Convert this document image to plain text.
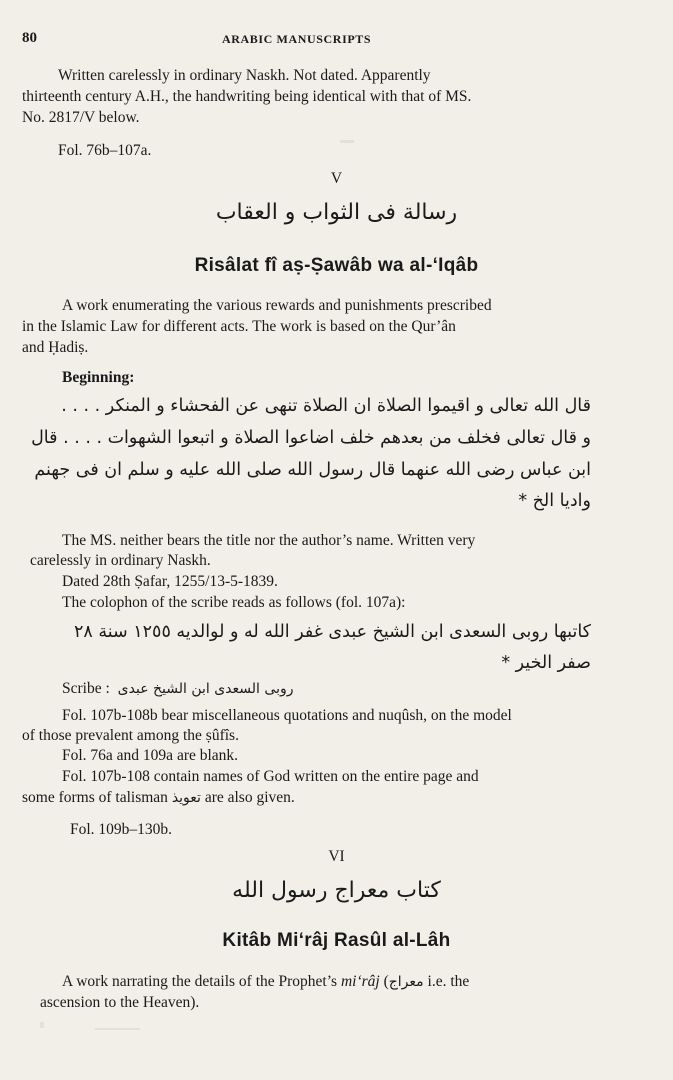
80	ARABIC MANUSCRIPTS
Written carelessly in ordinary Naskh. Not dated. Apparently
thirteenth century A.H., the handwriting being identical with that of MS.
No. 2817/V below.
Fol. 76b–107a.
V
رسالة فى الثواب و العقاب
Risâlat fî aṣ-Ṣawâb wa al-‘Iqâb
A work enumerating the various rewards and punishments prescribed
in the Islamic Law for different acts. The work is based on the Qur’ân
and Ḥadiṣ.
Beginning:
قال الله تعالى و اقيموا الصلاة ان الصلاة تنهى عن الفحشاء و المنكر . . . .
و قال تعالى فخلف من بعدهم خلف اضاعوا الصلاة و اتبعوا الشهوات . . . . قال
ابن عباس رضى الله عنهما قال رسول الله صلى الله عليه و سلم ان فى جهنم
واديا الخ *
The MS. neither bears the title nor the author’s name. Written very
carelessly in ordinary Naskh.
Dated 28th Ṣafar, 1255/13-5-1839.
The colophon of the scribe reads as follows (fol. 107a):
كاتبها روبى السعدى ابن الشيخ عبدى غفر الله له و لوالديه ١٢٥٥ سنة ٢٨
صفر الخير *
Scribe : روبى السعدى ابن الشيخ عبدى
Fol. 107b-108b bear miscellaneous quotations and nuqûsh, on the model
of those prevalent among the ṣûfîs.
Fol. 76a and 109a are blank.
Fol. 107b-108 contain names of God written on the entire page and
some forms of talisman تعويذ are also given.
Fol. 109b–130b.
VI
كتاب معراج رسول الله
Kitâb Mi‘râj Rasûl al-Lâh
A work narrating the details of the Prophet’s mi‘râj (معراج i.e. the
ascension to the Heaven).
